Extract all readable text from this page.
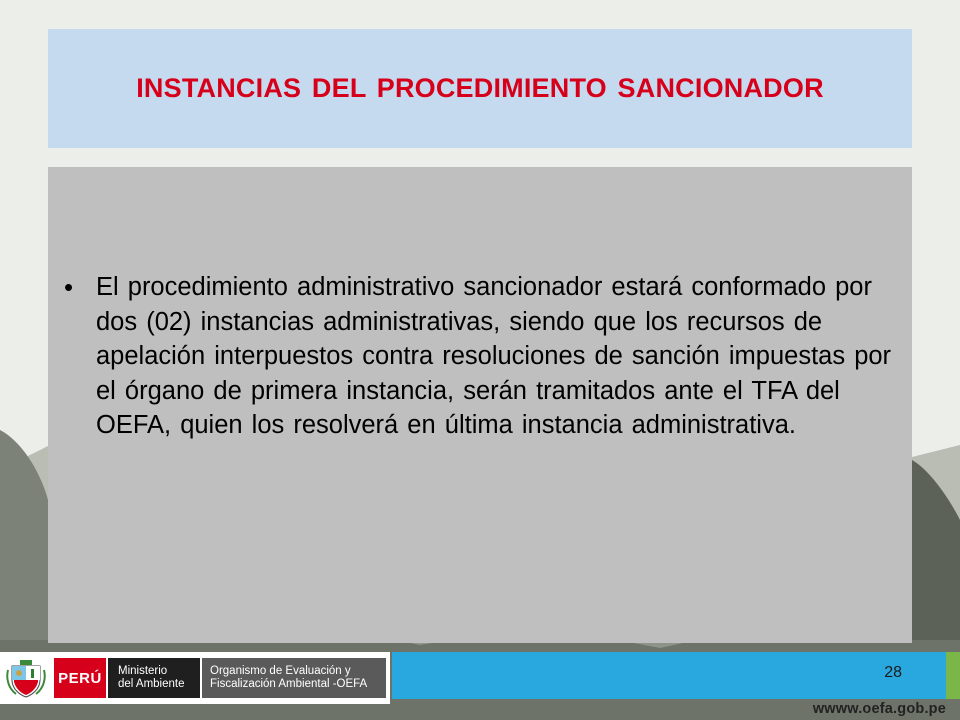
INSTANCIAS DEL PROCEDIMIENTO SANCIONADOR
• El procedimiento administrativo sancionador estará conformado por dos (02) instancias administrativas, siendo que los recursos de apelación interpuestos contra resoluciones de sanción impuestas por el órgano de primera instancia, serán tramitados ante el TFA del OEFA, quien los resolverá en última instancia administrativa.

PERÚ Ministerio
del Ambiente
Organismo de Evaluación y
Fiscalización Ambiental -OEFA
28
wwww.oefa.gob.pe
